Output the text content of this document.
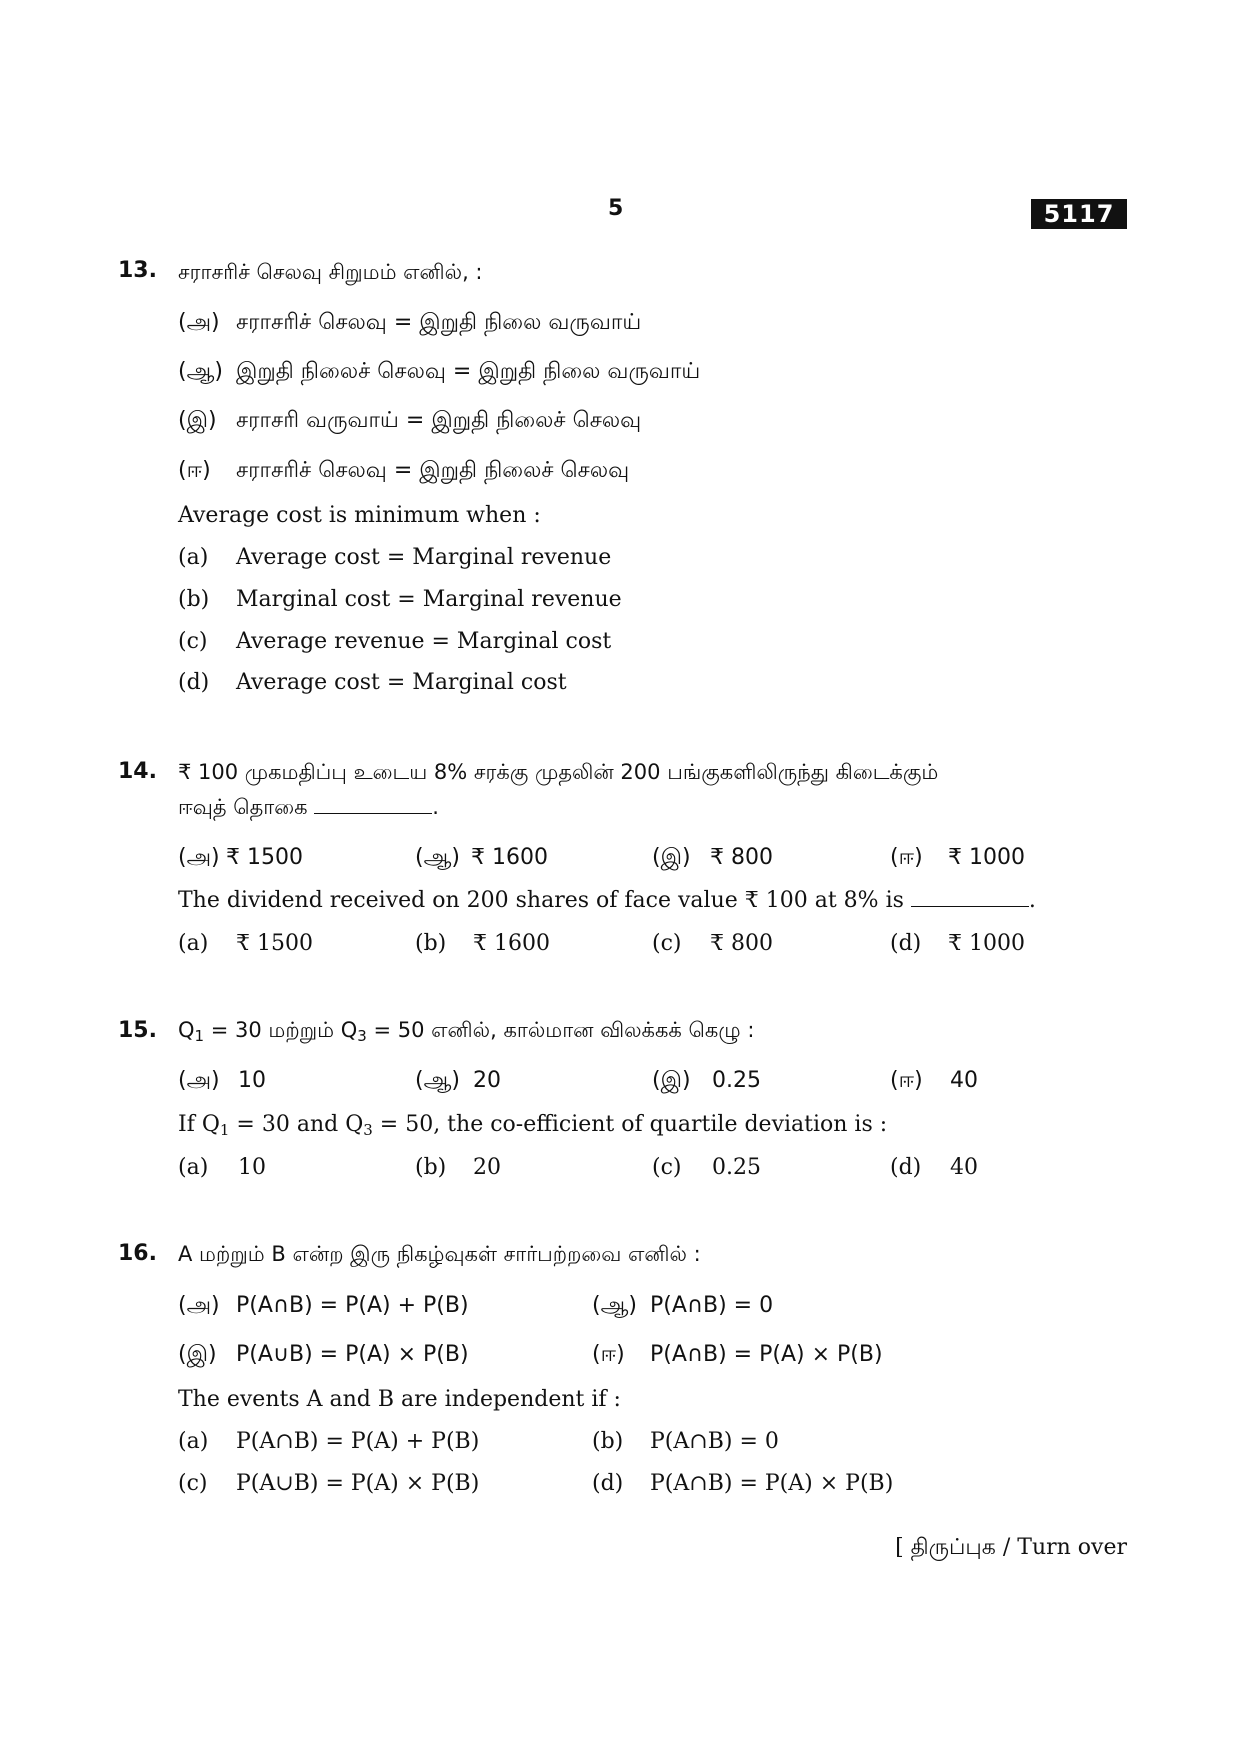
5	5117
13. சராசரிச் செலவு சிறுமம் எனில், :
(அ) சராசரிச் செலவு = இறுதி நிலை வருவாய்
(ஆ) இறுதி நிலைச் செலவு = இறுதி நிலை வருவாய்
(இ) சராசரி வருவாய் = இறுதி நிலைச் செலவு
(ஈ) சராசரிச் செலவு = இறுதி நிலைச் செலவு
Average cost is minimum when :
(a) Average cost = Marginal revenue
(b) Marginal cost = Marginal revenue
(c) Average revenue = Marginal cost
(d) Average cost = Marginal cost
14. ₹ 100 முகமதிப்பு உடைய 8% சரக்கு முதலின் 200 பங்குகளிலிருந்து கிடைக்கும்
ஈவுத் தொகை	.
(அ) ₹ 1500	(ஆ) ₹ 1600	(இ) ₹ 800	(ஈ) ₹ 1000
The dividend received on 200 shares of face value ₹ 100 at 8% is	.
(a) ₹ 1500	(b) ₹ 1600	(c) ₹ 800	(d) ₹ 1000
15. $Q_1 = 30$ மற்றும் $Q_3 = 50$ எனில், கால்மான விலக்கக் கெழு :
(அ) 10	(ஆ) 20	(இ) 0.25	(ஈ) 40
If $Q_1 = 30$ and $Q_3 = 50$, the co-efficient of quartile deviation is :
(a) 10	(b) 20	(c) 0.25	(d) 40
16. A மற்றும் B என்ற இரு நிகழ்வுகள் சார்பற்றவை எனில் :
(அ) P(A∩B) = P(A) + P(B)	(ஆ) P(A∩B) = 0
(இ) P(A∪B) = P(A) × P(B)	(ஈ) P(A∩B) = P(A) × P(B)
The events A and B are independent if :
(a) P(A∩B) = P(A) + P(B)	(b) P(A∩B) = 0
(c) P(A∪B) = P(A) × P(B)	(d) P(A∩B) = P(A) × P(B)
[ திருப்புக / Turn over
